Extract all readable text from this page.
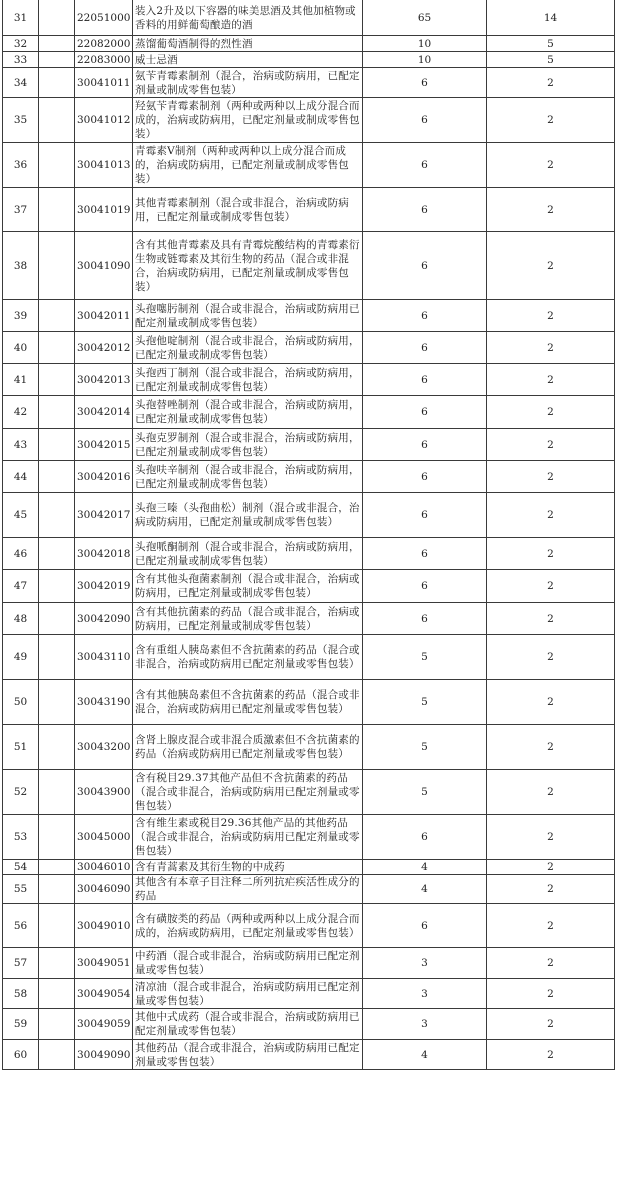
31		22051000	装入2升及以下容器的味美思酒及其他加植物或香料的用鲜葡萄酿造的酒	65	14
32		22082000	蒸馏葡萄酒制得的烈性酒	10	5
33		22083000	威士忌酒	10	5
34		30041011	氨苄青霉素制剂（混合，治病或防病用，已配定剂量或制成零售包装）	6	2
35		30041012	羟氨苄青霉素制剂（两种或两种以上成分混合而成的，治病或防病用，已配定剂量或制成零售包装）	6	2
36		30041013	青霉素V制剂（两种或两种以上成分混合而成的，治病或防病用，已配定剂量或制成零售包装）	6	2
37		30041019	其他青霉素制剂（混合或非混合，治病或防病用，已配定剂量或制成零售包装）	6	2
38		30041090	含有其他青霉素及具有青霉烷酸结构的青霉素衍生物或链霉素及其衍生物的药品（混合或非混合，治病或防病用，已配定剂量或制成零售包装）	6	2
39		30042011	头孢噻肟制剂（混合或非混合，治病或防病用已配定剂量或制成零售包装）	6	2
40		30042012	头孢他啶制剂（混合或非混合，治病或防病用，已配定剂量或制成零售包装）	6	2
41		30042013	头孢西丁制剂（混合或非混合，治病或防病用，已配定剂量或制成零售包装）	6	2
42		30042014	头孢替唑制剂（混合或非混合，治病或防病用，已配定剂量或制成零售包装）	6	2
43		30042015	头孢克罗制剂（混合或非混合，治病或防病用，已配定剂量或制成零售包装）	6	2
44		30042016	头孢呋辛制剂（混合或非混合，治病或防病用，已配定剂量或制成零售包装）	6	2
45		30042017	头孢三嗪（头孢曲松）制剂（混合或非混合，治病或防病用，已配定剂量或制成零售包装）	6	2
46		30042018	头孢哌酮制剂（混合或非混合，治病或防病用，已配定剂量或制成零售包装）	6	2
47		30042019	含有其他头孢菌素制剂（混合或非混合，治病或防病用，已配定剂量或制成零售包装）	6	2
48		30042090	含有其他抗菌素的药品（混合或非混合，治病或防病用，已配定剂量或制成零售包装）	6	2
49		30043110	含有重组人胰岛素但不含抗菌素的药品（混合或非混合，治病或防病用已配定剂量或零售包装）	5	2
50		30043190	含有其他胰岛素但不含抗菌素的药品（混合或非混合，治病或防病用已配定剂量或零售包装）	5	2
51		30043200	含肾上腺皮混合或非混合质激素但不含抗菌素的药品（治病或防病用已配定剂量或零售包装）	5	2
52		30043900	含有税目29.37其他产品但不含抗菌素的药品（混合或非混合，治病或防病用已配定剂量或零售包装）	5	2
53		30045000	含有维生素或税目29.36其他产品的其他药品（混合或非混合，治病或防病用已配定剂量或零售包装）	6	2
54		30046010	含有青蒿素及其衍生物的中成药	4	2
55		30046090	其他含有本章子目注释二所列抗疟疾活性成分的药品	4	2
56		30049010	含有磺胺类的药品（两种或两种以上成分混合而成的，治病或防病用，已配定剂量或零售包装）	6	2
57		30049051	中药酒（混合或非混合，治病或防病用已配定剂量或零售包装）	3	2
58		30049054	清凉油（混合或非混合，治病或防病用已配定剂量或零售包装）	3	2
59		30049059	其他中式成药（混合或非混合，治病或防病用已配定剂量或零售包装）	3	2
60		30049090	其他药品（混合或非混合，治病或防病用已配定剂量或零售包装）	4	2
